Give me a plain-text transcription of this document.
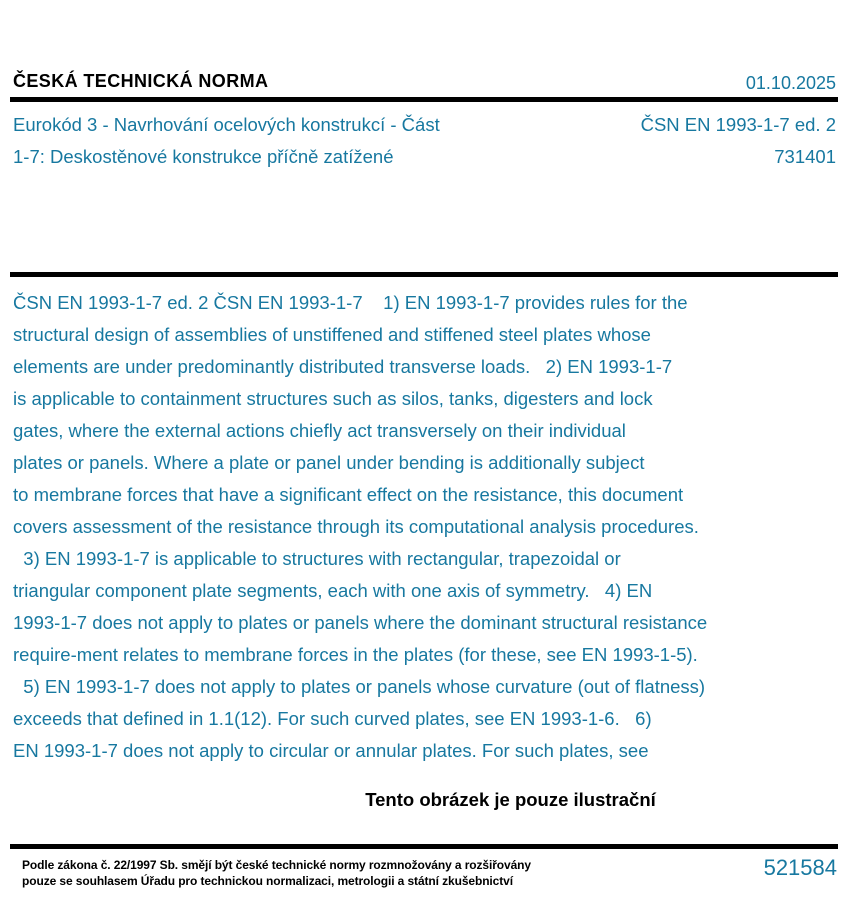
ČESKÁ TECHNICKÁ NORMA	01.10.2025
Eurokód 3 - Navrhování ocelových konstrukcí - Část
1-7: Deskostěnové konstrukce příčně zatížené
ČSN EN 1993-1-7 ed. 2
731401
ČSN EN 1993-1-7 ed. 2 ČSN EN 1993-1-7    1) EN 1993-1-7 provides rules for the
structural design of assemblies of unstiffened and stiffened steel plates whose
elements are under predominantly distributed transverse loads.   2) EN 1993-1-7
is applicable to containment structures such as silos, tanks, digesters and lock
gates, where the external actions chiefly act transversely on their individual
plates or panels. Where a plate or panel under bending is additionally subject
to membrane forces that have a significant effect on the resistance, this document
covers assessment of the resistance through its computational analysis procedures.
3) EN 1993-1-7 is applicable to structures with rectangular, trapezoidal or
triangular component plate segments, each with one axis of symmetry.   4) EN
1993-1-7 does not apply to plates or panels where the dominant structural resistance
require-ment relates to membrane forces in the plates (for these, see EN 1993-1-5).
5) EN 1993-1-7 does not apply to plates or panels whose curvature (out of flatness)
exceeds that defined in 1.1(12). For such curved plates, see EN 1993-1-6.   6)
EN 1993-1-7 does not apply to circular or annular plates. For such plates, see
Tento obrázek je pouze ilustrační
Podle zákona č. 22/1997 Sb. smějí být české technické normy rozmnožovány a rozšiřovány
pouze se souhlasem Úřadu pro technickou normalizaci, metrologii a státní zkušebnictví
521584
